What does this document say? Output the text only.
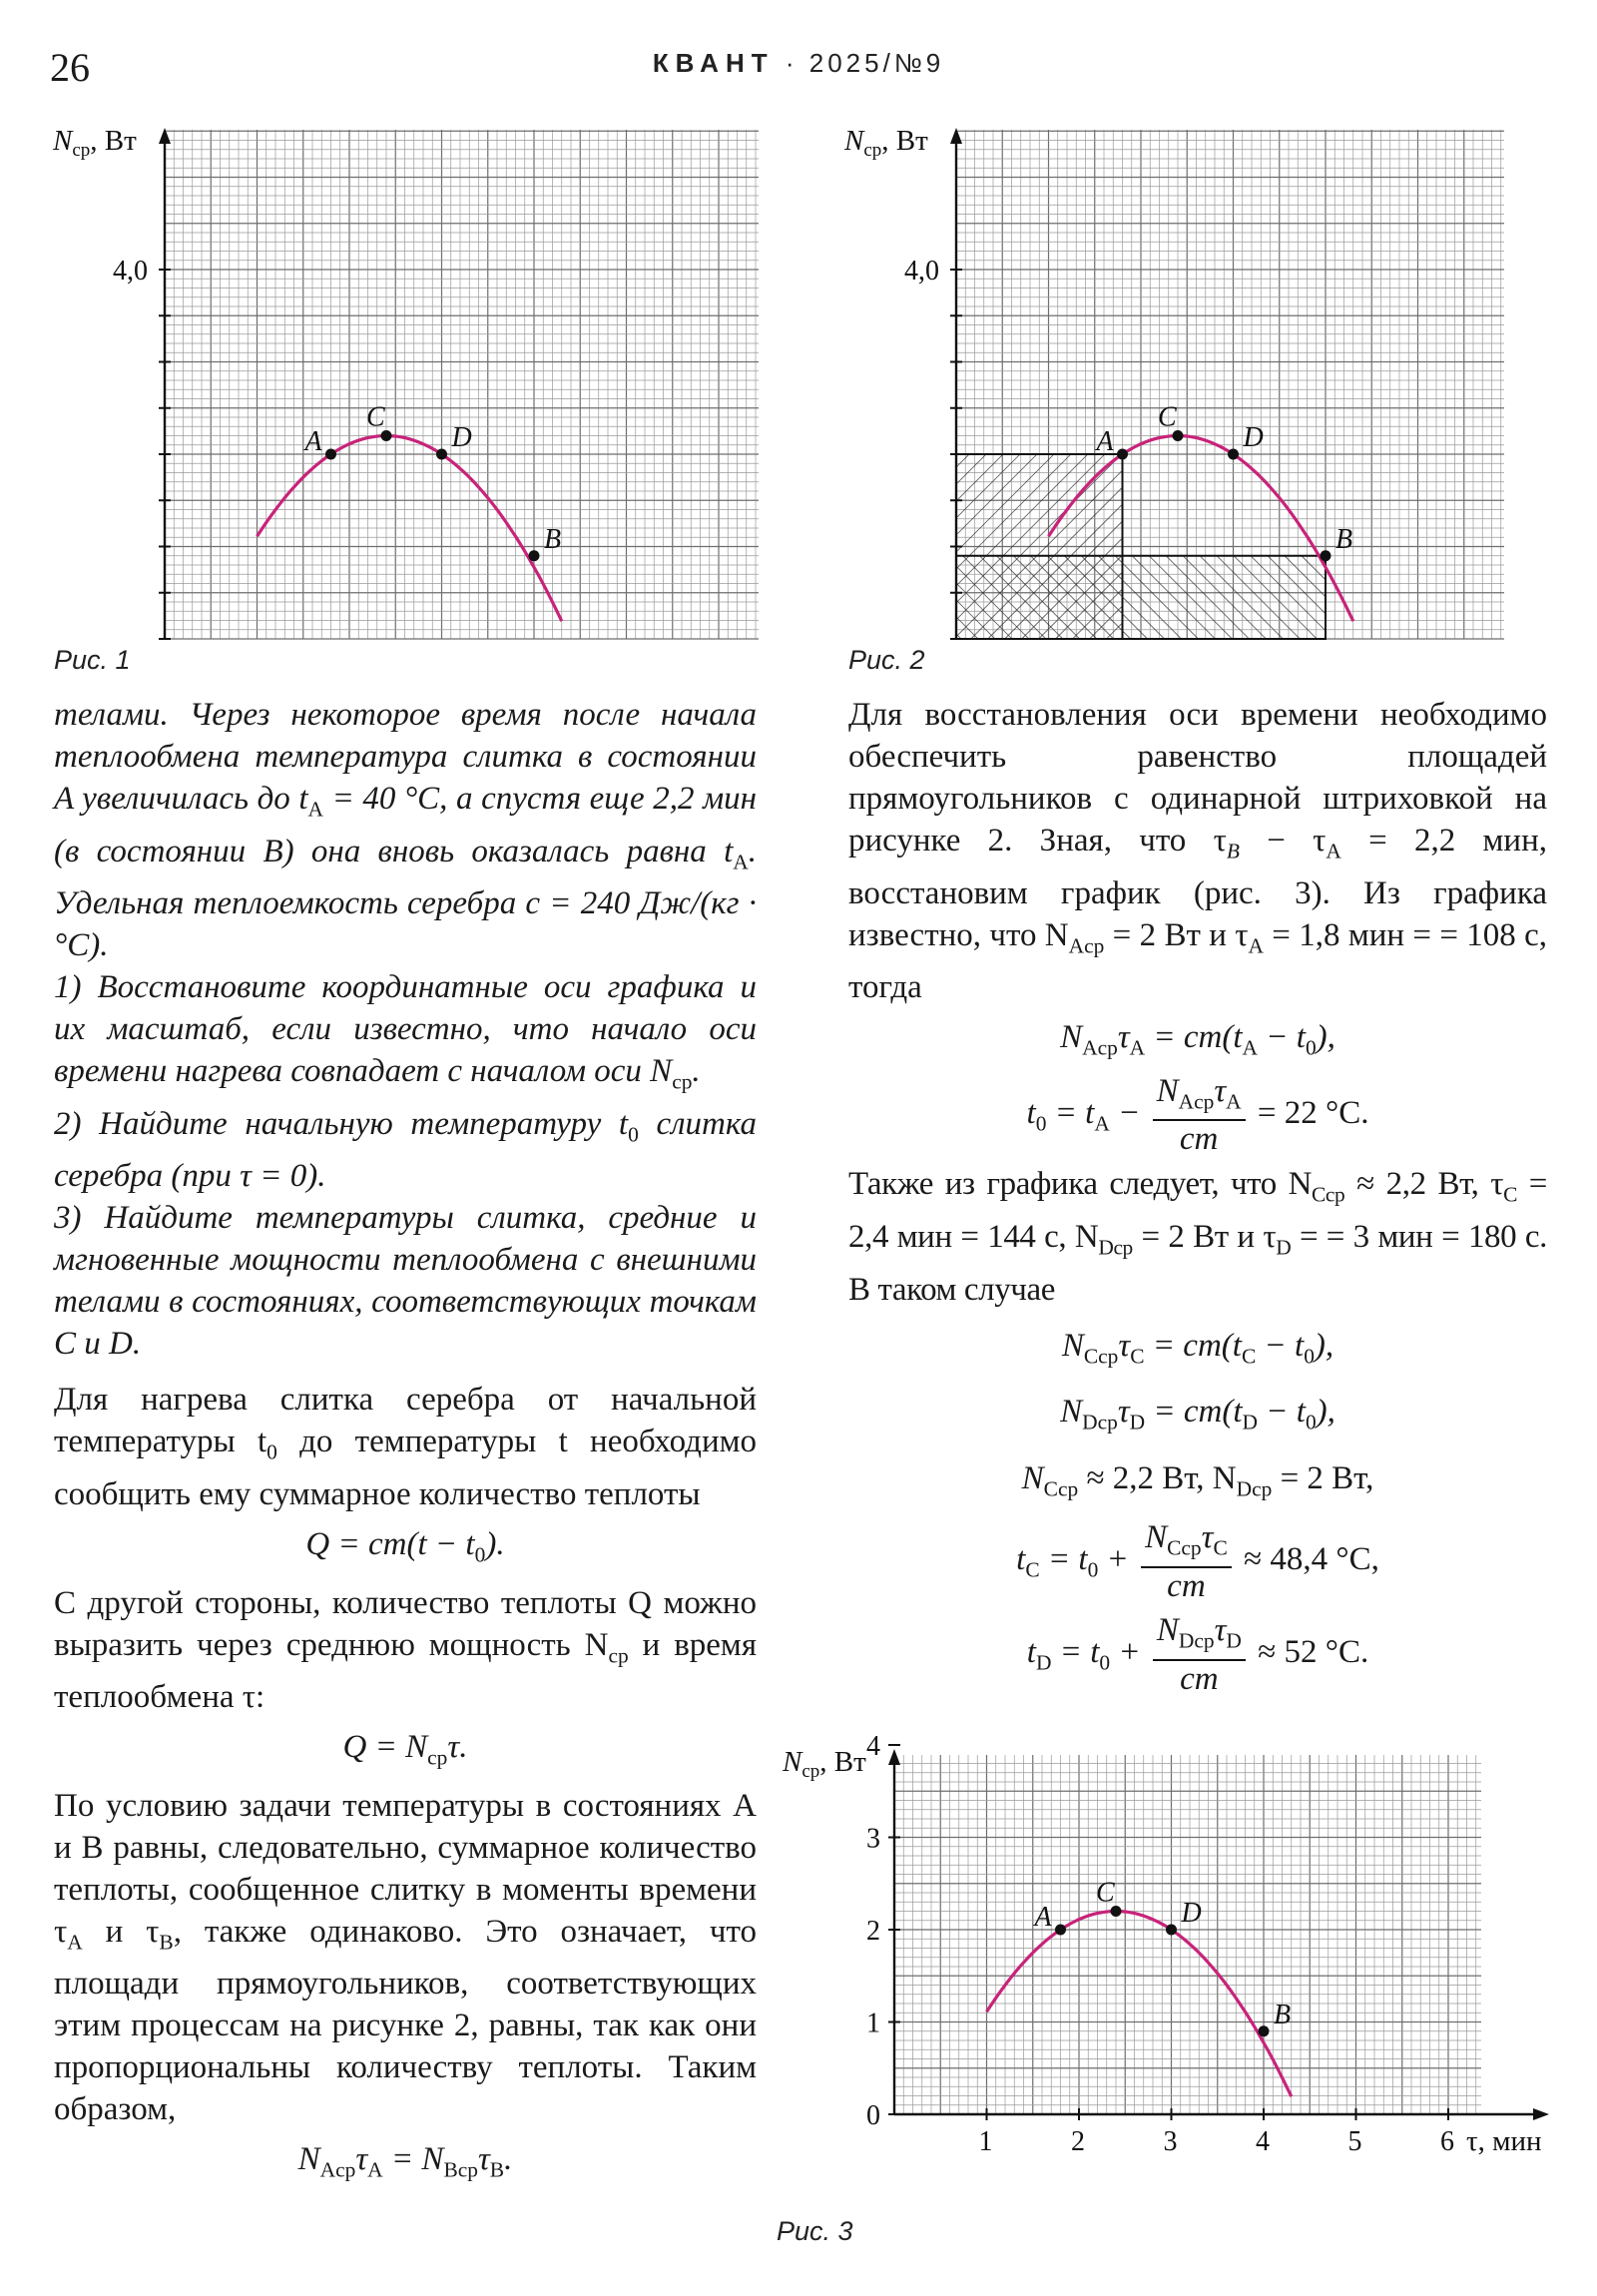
26	КВАНТ · 2025/№9
$N_{ср}$, Вт
4,0
A
C
D
B
$N_{ср}$, Вт
4,0
A
C
D
B
1	2	3	4	5	6
0
1
2
3
4
$N_{ср}$, Вт
τ, мин
A
C
D
B
Рис. 1	Рис. 2
Рис. 3

телами. Через некоторое время после начала теплообмена температура слитка в состоянии A увеличилась до $t_A = 40$ °C, а спустя еще 2,2 мин (в состоянии B) она вновь оказалась равна $t_A$. Удельная теплоемкость серебра c = 240 Дж/(кг · °C).

1) Восстановите координатные оси графика и их масштаб, если известно, что начало оси времени нагрева совпадает с началом оси $N_{ср}$.

2) Найдите начальную температуру $t_0$ слитка серебра (при τ = 0).

3) Найдите температуры слитка, средние и мгновенные мощности теплообмена с внешними телами в состояниях, соответствующих точкам C и D.

Для нагрева слитка серебра от начальной температуры $t_0$ до температуры t необходимо сообщить ему суммарное количество теплоты

$Q = cm(t - t_0)$.

С другой стороны, количество теплоты Q можно выразить через среднюю мощность $N_{ср}$ и время теплообмена τ:

$Q = N_{ср}\tau$.

По условию задачи температуры в состояниях A и B равны, следовательно, суммарное количество теплоты, сообщенное слитку в моменты времени $\tau_A$ и $\tau_B$, также одинаково. Это означает, что площади прямоугольников, соответствующих этим процессам на рисунке 2, равны, так как они пропорциональны количеству теплоты. Таким образом,

$N_{Aср}\tau_A = N_{Bср}\tau_B$.

Для восстановления оси времени необходимо обеспечить равенство площадей прямоугольников с одинарной штриховкой на рисунке 2. Зная, что $\tau_B - \tau_A = 2,2$ мин, восстановим график (рис. 3). Из графика известно, что $N_{Aср} = 2$ Вт и $\tau_A = 1,8$ мин = = 108 с, тогда

$N_{Aср}\tau_A = cm(t_A - t_0)$,

$t_0 = t_A - \frac{N_{Aср}\tau_A}{cm} = 22$ °C.

Также из графика следует, что $N_{Cср} \approx 2,2$ Вт, $\tau_C = 2,4$ мин = 144 с, $N_{Dср} = 2$ Вт и $\tau_D$ = = 3 мин = 180 с. В таком случае

$N_{Cср}\tau_C = cm(t_C - t_0)$,

$N_{Dср}\tau_D = cm(t_D - t_0)$,

$N_{Cср} \approx 2,2$ Вт, $N_{Dср} = 2$ Вт,

$t_C = t_0 + \frac{N_{Cср}\tau_C}{cm} \approx 48,4$ °C,

$t_D = t_0 + \frac{N_{Dср}\tau_D}{cm} \approx 52$ °C.
